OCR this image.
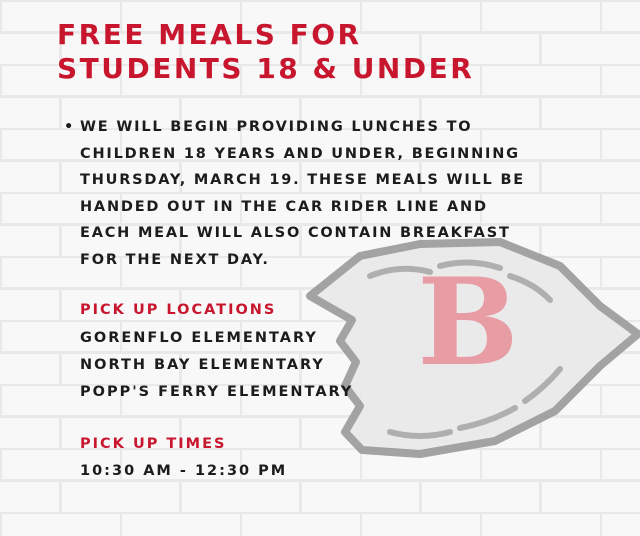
B
FREE MEALS FOR
STUDENTS 18 & UNDER
• WE WILL BEGIN PROVIDING LUNCHES TO
CHILDREN 18 YEARS AND UNDER, BEGINNING
THURSDAY, MARCH 19. THESE MEALS WILL BE
HANDED OUT IN THE CAR RIDER LINE AND
EACH MEAL WILL ALSO CONTAIN BREAKFAST
FOR THE NEXT DAY.

PICK UP LOCATIONS

GORENFLO ELEMENTARY

NORTH BAY ELEMENTARY

POPP'S FERRY ELEMENTARY

PICK UP TIMES

10:30 AM - 12:30 PM
